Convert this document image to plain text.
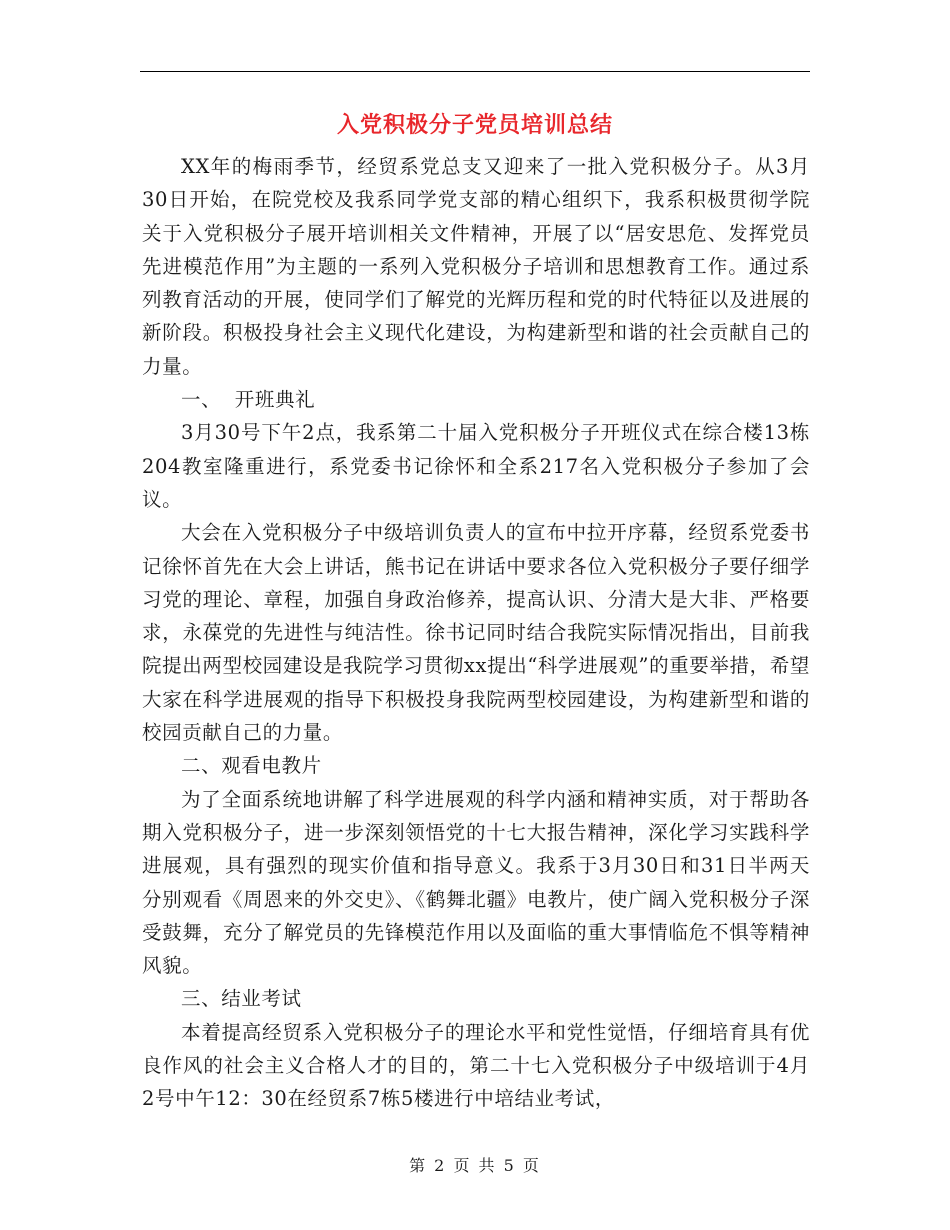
入党积极分子党员培训总结

XX年的梅雨季节，经贸系党总支又迎来了一批入党积极分子。从3月30日开始，在院党校及我系同学党支部的精心组织下，我系积极贯彻学院关于入党积极分子展开培训相关文件精神，开展了以“居安思危、发挥党员先进模范作用”为主题的一系列入党积极分子培训和思想教育工作。通过系列教育活动的开展，使同学们了解党的光辉历程和党的时代特征以及进展的新阶段。积极投身社会主义现代化建设，为构建新型和谐的社会贡献自己的力量。

一、  开班典礼

3月30号下午2点，我系第二十届入党积极分子开班仪式在综合楼13栋204教室隆重进行，系党委书记徐怀和全系217名入党积极分子参加了会议。

大会在入党积极分子中级培训负责人的宣布中拉开序幕，经贸系党委书记徐怀首先在大会上讲话，熊书记在讲话中要求各位入党积极分子要仔细学习党的理论、章程，加强自身政治修养，提高认识、分清大是大非、严格要求，永葆党的先进性与纯洁性。徐书记同时结合我院实际情况指出，目前我院提出两型校园建设是我院学习贯彻xx提出“科学进展观”的重要举措，希望大家在科学进展观的指导下积极投身我院两型校园建设，为构建新型和谐的校园贡献自己的力量。

二、观看电教片

为了全面系统地讲解了科学进展观的科学内涵和精神实质，对于帮助各期入党积极分子，进一步深刻领悟党的十七大报告精神，深化学习实践科学进展观，具有强烈的现实价值和指导意义。我系于3月30日和31日半两天分别观看《周恩来的外交史》、《鹤舞北疆》电教片，使广阔入党积极分子深受鼓舞，充分了解党员的先锋模范作用以及面临的重大事情临危不惧等精神风貌。

三、结业考试

本着提高经贸系入党积极分子的理论水平和党性觉悟，仔细培育具有优良作风的社会主义合格人才的目的，第二十七入党积极分子中级培训于4月2号中午12：30在经贸系7栋5楼进行中培结业考试，

第 2 页 共 5 页
